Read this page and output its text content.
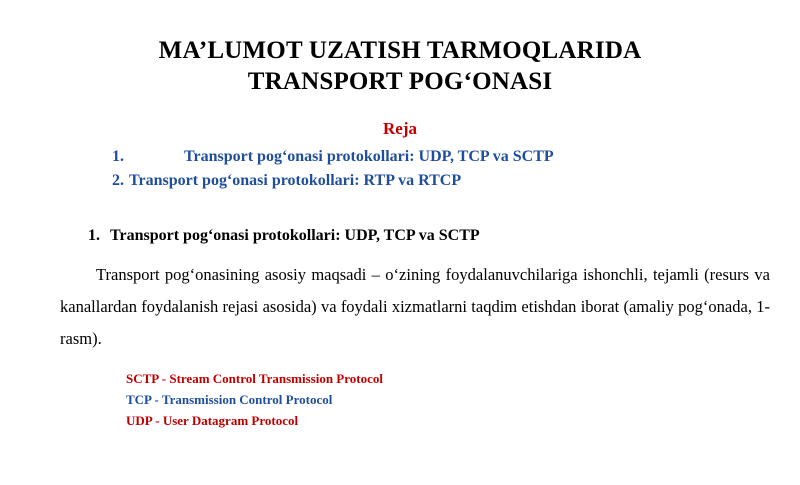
MA’LUMOT UZATISH TARMOQLARIDA
TRANSPORT POG‘ONASI
Reja
1.	Transport pog‘onasi protokollari: UDP, TCP va SCTP
2. Transport pog‘onasi protokollari: RTP va RTCP
1. Transport pog‘onasi protokollari: UDP, TCP va SCTP
Transport pog‘onasining asosiy maqsadi – o‘zining foydalanuvchilariga ishonchli, tejamli (resurs va kanallardan foydalanish rejasi asosida) va foydali xizmatlarni taqdim etishdan iborat (amaliy pog‘onada, 1-rasm).
SCTP - Stream Control Transmission Protocol
TCP - Transmission Control Protocol
UDP - User Datagram Protocol
